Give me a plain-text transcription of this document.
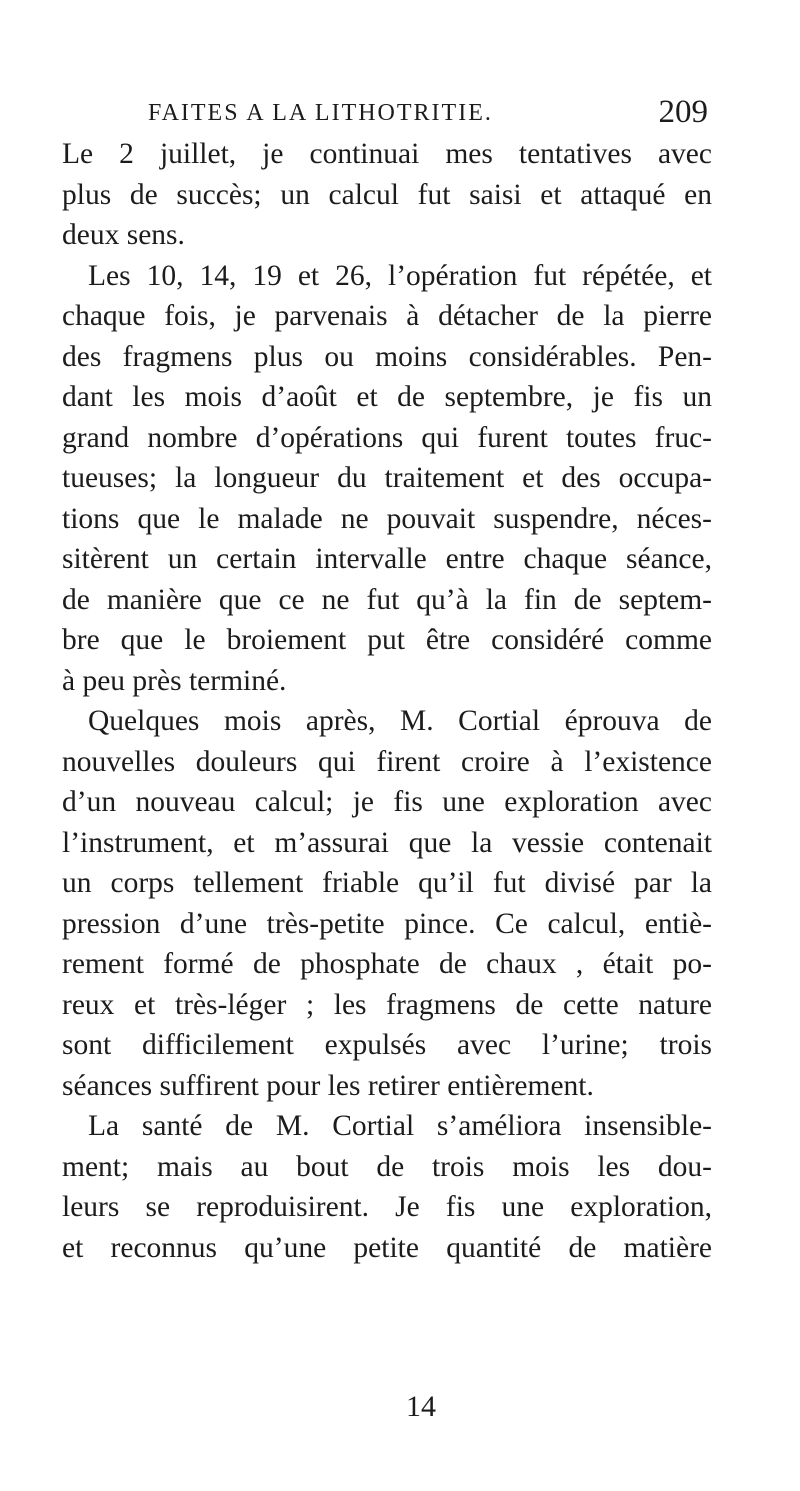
FAITES A LA LITHOTRITIE.	209
Le 2 juillet, je continuai mes tentatives avec
plus de succès; un calcul fut saisi et attaqué en
deux sens.
Les 10, 14, 19 et 26, l’opération fut répétée, et
chaque fois, je parvenais à détacher de la pierre
des fragmens plus ou moins considérables. Pen-
dant les mois d’août et de septembre, je fis un
grand nombre d’opérations qui furent toutes fruc-
tueuses; la longueur du traitement et des occupa-
tions que le malade ne pouvait suspendre, néces-
sitèrent un certain intervalle entre chaque séance,
de manière que ce ne fut qu’à la fin de septem-
bre que le broiement put être considéré comme
à peu près terminé.
Quelques mois après, M. Cortial éprouva de
nouvelles douleurs qui firent croire à l’existence
d’un nouveau calcul; je fis une exploration avec
l’instrument, et m’assurai que la vessie contenait
un corps tellement friable qu’il fut divisé par la
pression d’une très-petite pince. Ce calcul, entiè-
rement formé de phosphate de chaux , était po-
reux et très-léger ; les fragmens de cette nature
sont difficilement expulsés avec l’urine; trois
séances suffirent pour les retirer entièrement.
La santé de M. Cortial s’améliora insensible-
ment; mais au bout de trois mois les dou-
leurs se reproduisirent. Je fis une exploration,
et reconnus qu’une petite quantité de matière
14
